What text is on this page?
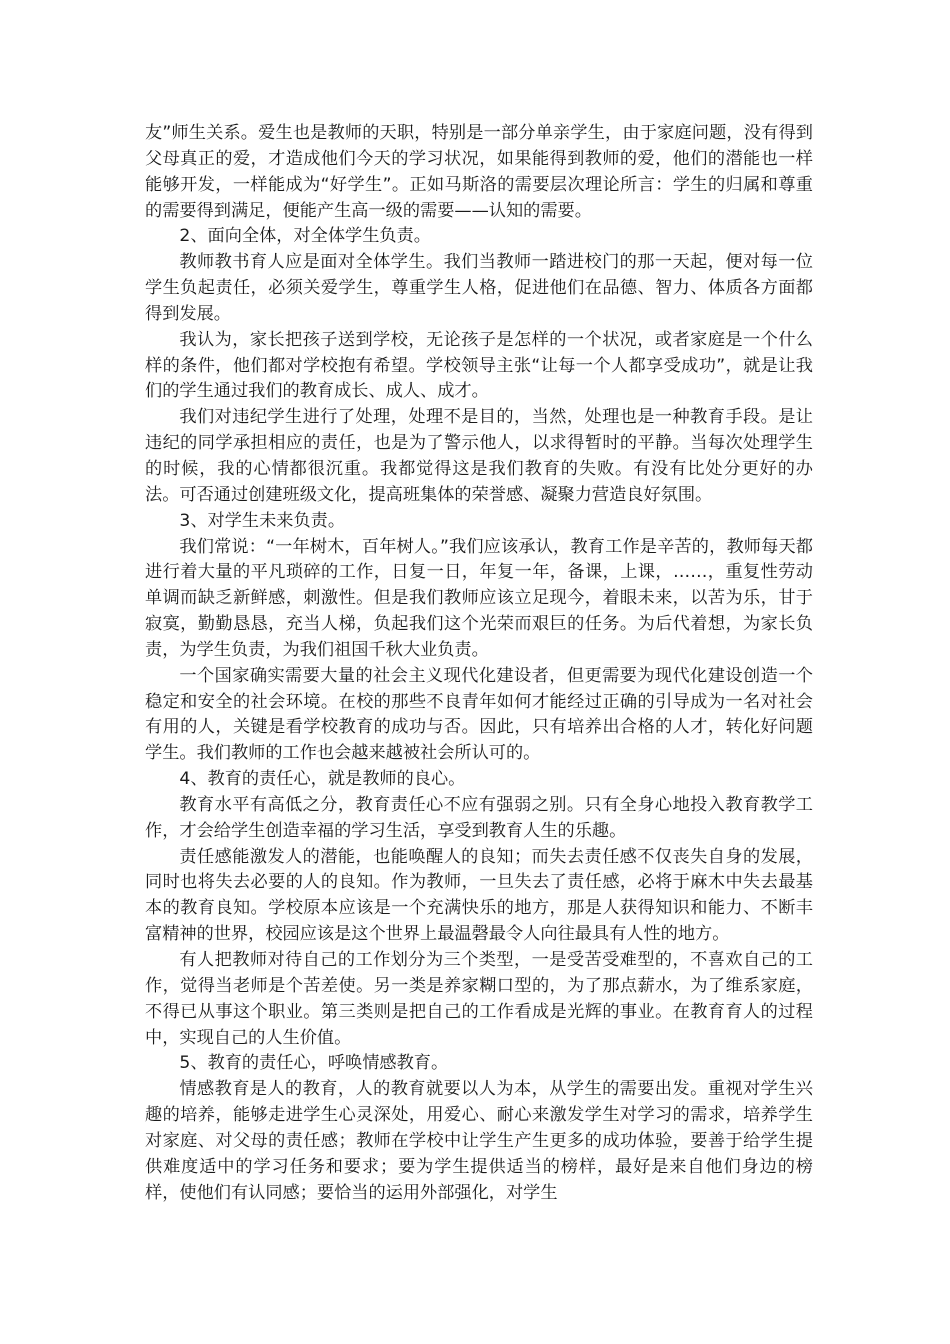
友”师生关系。爱生也是教师的天职，特别是一部分单亲学生，由于家庭问题，没有得到父母真正的爱，才造成他们今天的学习状况，如果能得到教师的爱，他们的潜能也一样能够开发，一样能成为“好学生”。正如马斯洛的需要层次理论所言：学生的归属和尊重的需要得到满足，便能产生高一级的需要——认知的需要。

2、面向全体，对全体学生负责。

教师教书育人应是面对全体学生。我们当教师一踏进校门的那一天起，便对每一位学生负起责任，必须关爱学生，尊重学生人格，促进他们在品德、智力、体质各方面都得到发展。

我认为，家长把孩子送到学校，无论孩子是怎样的一个状况，或者家庭是一个什么样的条件，他们都对学校抱有希望。学校领导主张“让每一个人都享受成功”，就是让我们的学生通过我们的教育成长、成人、成才。

我们对违纪学生进行了处理，处理不是目的，当然，处理也是一种教育手段。是让违纪的同学承担相应的责任，也是为了警示他人，以求得暂时的平静。当每次处理学生的时候，我的心情都很沉重。我都觉得这是我们教育的失败。有没有比处分更好的办法。可否通过创建班级文化，提高班集体的荣誉感、凝聚力营造良好氛围。

3、对学生未来负责。

我们常说：“一年树木，百年树人。”我们应该承认，教育工作是辛苦的，教师每天都进行着大量的平凡琐碎的工作，日复一日，年复一年，备课，上课，……，重复性劳动单调而缺乏新鲜感，刺激性。但是我们教师应该立足现今，着眼未来，以苦为乐，甘于寂寞，勤勤恳恳，充当人梯，负起我们这个光荣而艰巨的任务。为后代着想，为家长负责，为学生负责，为我们祖国千秋大业负责。

一个国家确实需要大量的社会主义现代化建设者，但更需要为现代化建设创造一个稳定和安全的社会环境。在校的那些不良青年如何才能经过正确的引导成为一名对社会有用的人，关键是看学校教育的成功与否。因此，只有培养出合格的人才，转化好问题学生。我们教师的工作也会越来越被社会所认可的。

4、教育的责任心，就是教师的良心。

教育水平有高低之分，教育责任心不应有强弱之别。只有全身心地投入教育教学工作，才会给学生创造幸福的学习生活，享受到教育人生的乐趣。

责任感能激发人的潜能，也能唤醒人的良知；而失去责任感不仅丧失自身的发展，同时也将失去必要的人的良知。作为教师，一旦失去了责任感，必将于麻木中失去最基本的教育良知。学校原本应该是一个充满快乐的地方，那是人获得知识和能力、不断丰富精神的世界，校园应该是这个世界上最温磬最令人向往最具有人性的地方。

有人把教师对待自己的工作划分为三个类型，一是受苦受难型的，不喜欢自己的工作，觉得当老师是个苦差使。另一类是养家糊口型的，为了那点薪水，为了维系家庭，不得已从事这个职业。第三类则是把自己的工作看成是光辉的事业。在教育育人的过程中，实现自己的人生价值。

5、教育的责任心，呼唤情感教育。

情感教育是人的教育，人的教育就要以人为本，从学生的需要出发。重视对学生兴趣的培养，能够走进学生心灵深处，用爱心、耐心来激发学生对学习的需求，培养学生对家庭、对父母的责任感；教师在学校中让学生产生更多的成功体验，要善于给学生提供难度适中的学习任务和要求；要为学生提供适当的榜样，最好是来自他们身边的榜样，使他们有认同感；要恰当的运用外部强化，对学生
